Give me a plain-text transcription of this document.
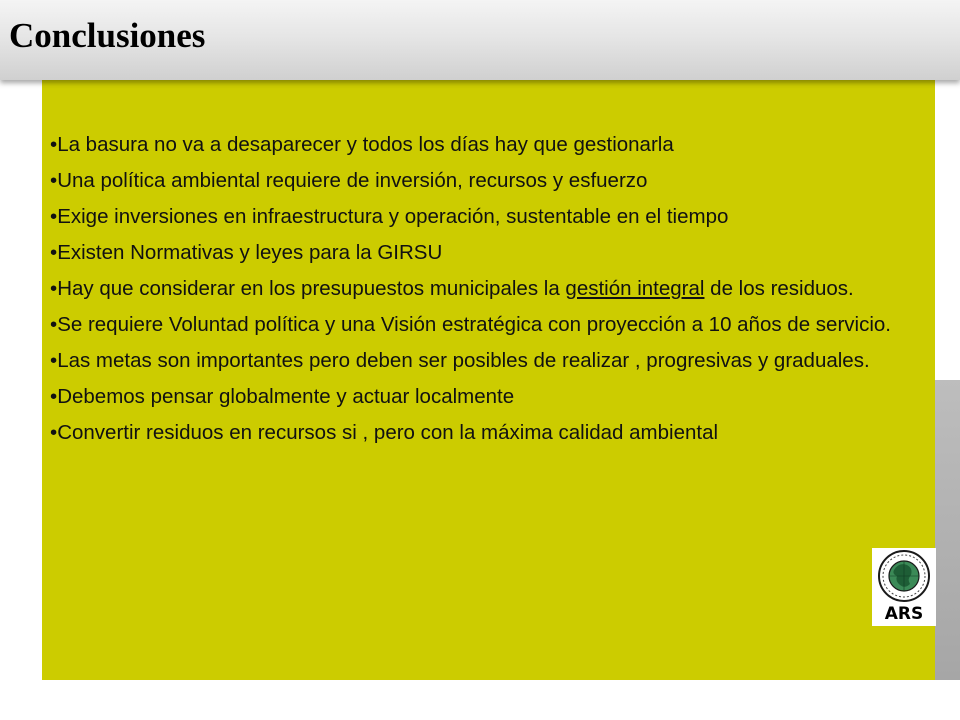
Conclusiones
• La basura no va a desaparecer y todos los días hay que gestionarla
• Una política ambiental requiere de inversión, recursos y esfuerzo
• Exige inversiones en infraestructura y operación, sustentable en el tiempo
• Existen Normativas y leyes para la GIRSU
• Hay que considerar en los presupuestos municipales la gestión integral de los residuos.
• Se requiere Voluntad política y una Visión estratégica con proyección a 10 años de servicio.
• Las metas son importantes pero deben ser posibles de realizar , progresivas y graduales.
• Debemos pensar globalmente y actuar localmente
• Convertir residuos en recursos si , pero con la máxima calidad ambiental
ARS
